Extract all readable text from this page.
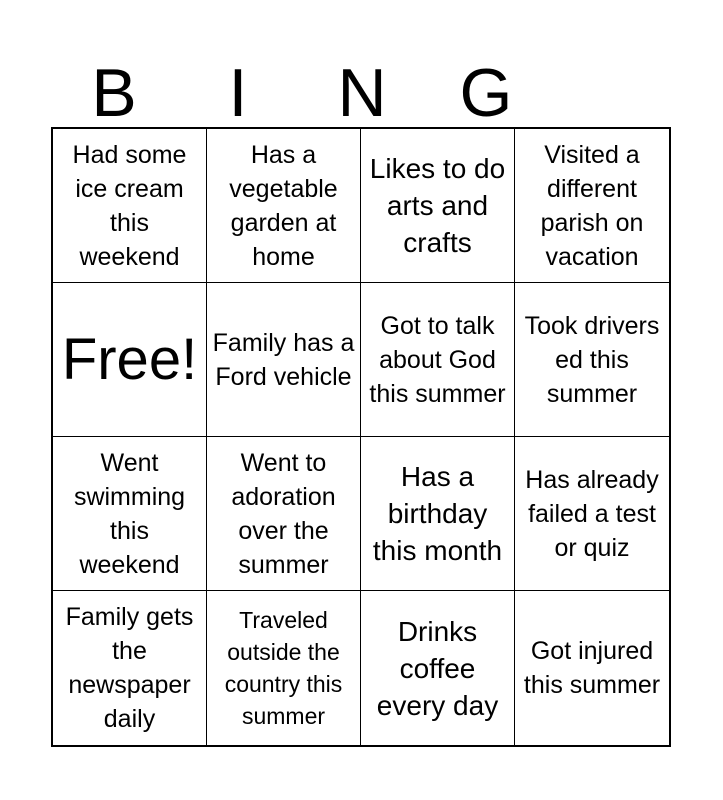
B	I	N	G
Had some ice cream this weekend
Has a vegetable garden at home
Likes to do arts and crafts
Visited a different parish on vacation
Free! Family has a Ford vehicle
Got to talk about God this summer
Took drivers ed this summer
Went swimming this weekend
Went to adoration over the summer
Has a birthday this month
Has already failed a test or quiz
Family gets the newspaper daily
Traveled outside the country this summer
Drinks coffee every day
Got injured this summer
